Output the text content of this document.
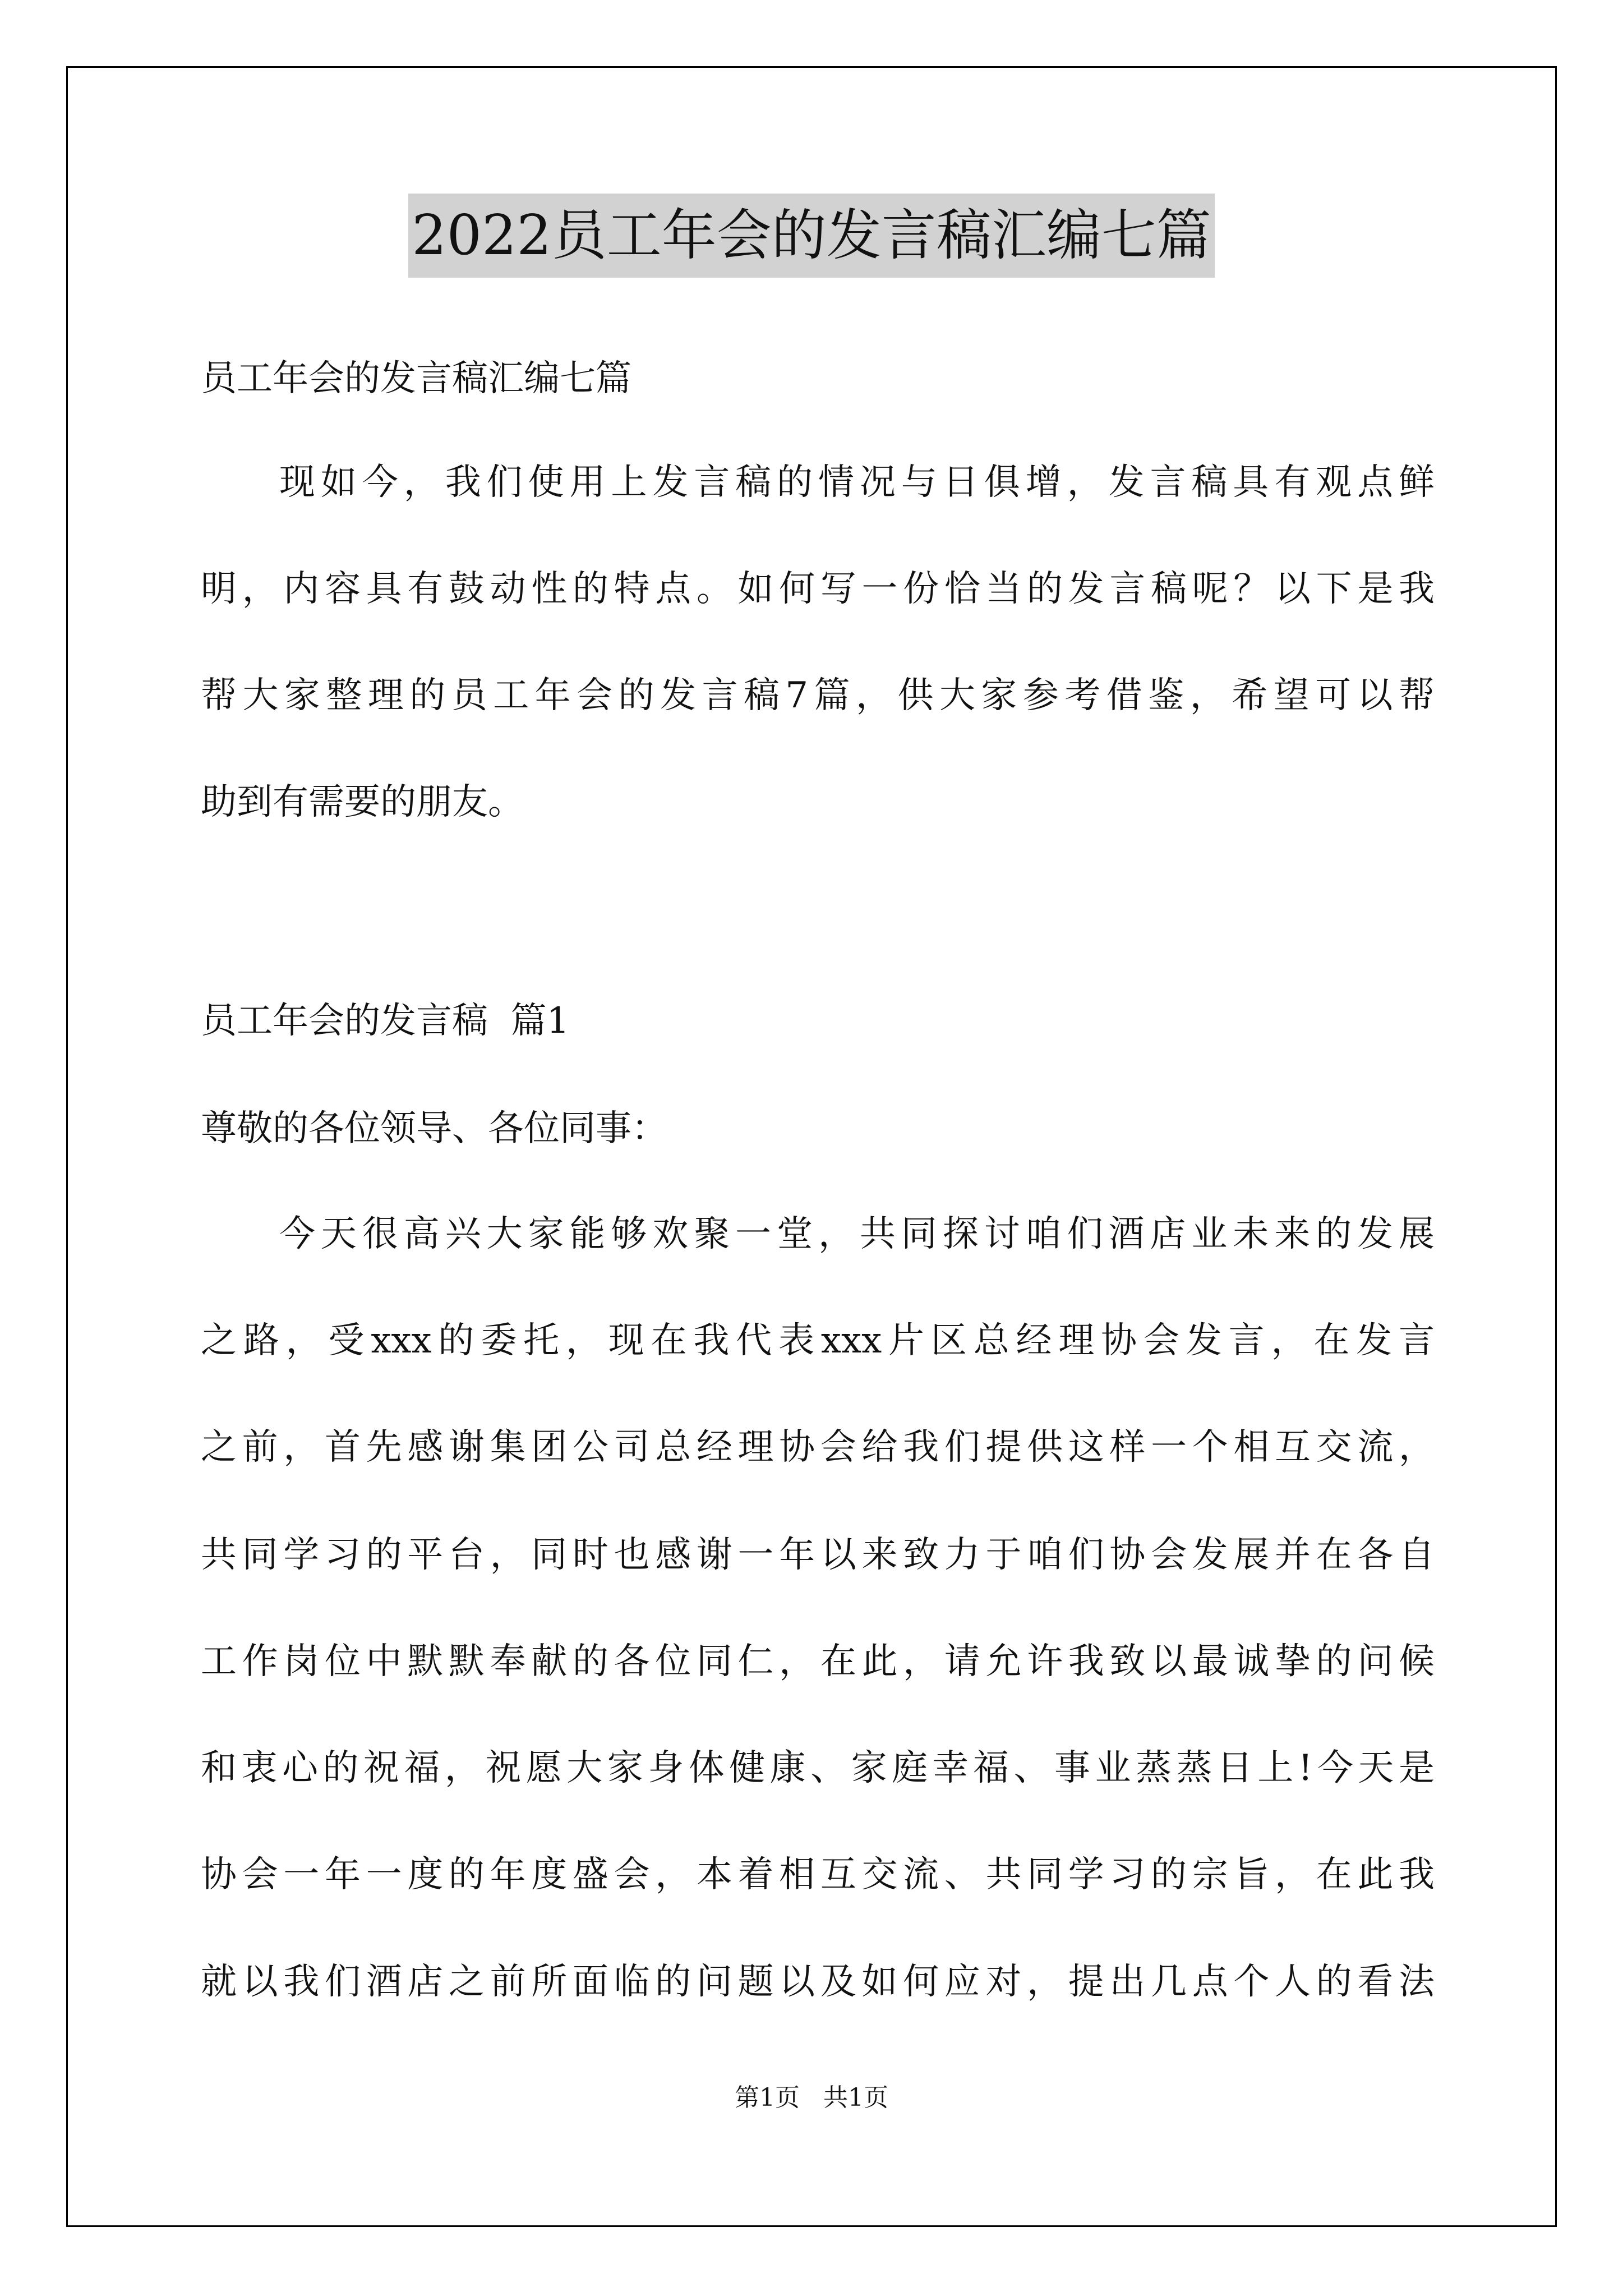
2022员工年会的发言稿汇编七篇
员工年会的发言稿汇编七篇
现如今，我们使用上发言稿的情况与日俱增，发言稿具有观点鲜
明，内容具有鼓动性的特点。如何写一份恰当的发言稿呢？以下是我
帮大家整理的员工年会的发言稿7篇，供大家参考借鉴，希望可以帮
助到有需要的朋友。
员工年会的发言稿  篇1
尊敬的各位领导、各位同事：
今天很高兴大家能够欢聚一堂，共同探讨咱们酒店业未来的发展
之路，受xxx的委托，现在我代表xxx片区总经理协会发言，在发言
之前，首先感谢集团公司总经理协会给我们提供这样一个相互交流，
共同学习的平台，同时也感谢一年以来致力于咱们协会发展并在各自
工作岗位中默默奉献的各位同仁，在此，请允许我致以最诚挚的问候
和衷心的祝福，祝愿大家身体健康、家庭幸福、事业蒸蒸日上!今天是
协会一年一度的年度盛会，本着相互交流、共同学习的宗旨，在此我
就以我们酒店之前所面临的问题以及如何应对，提出几点个人的看法
第1页   共1页
